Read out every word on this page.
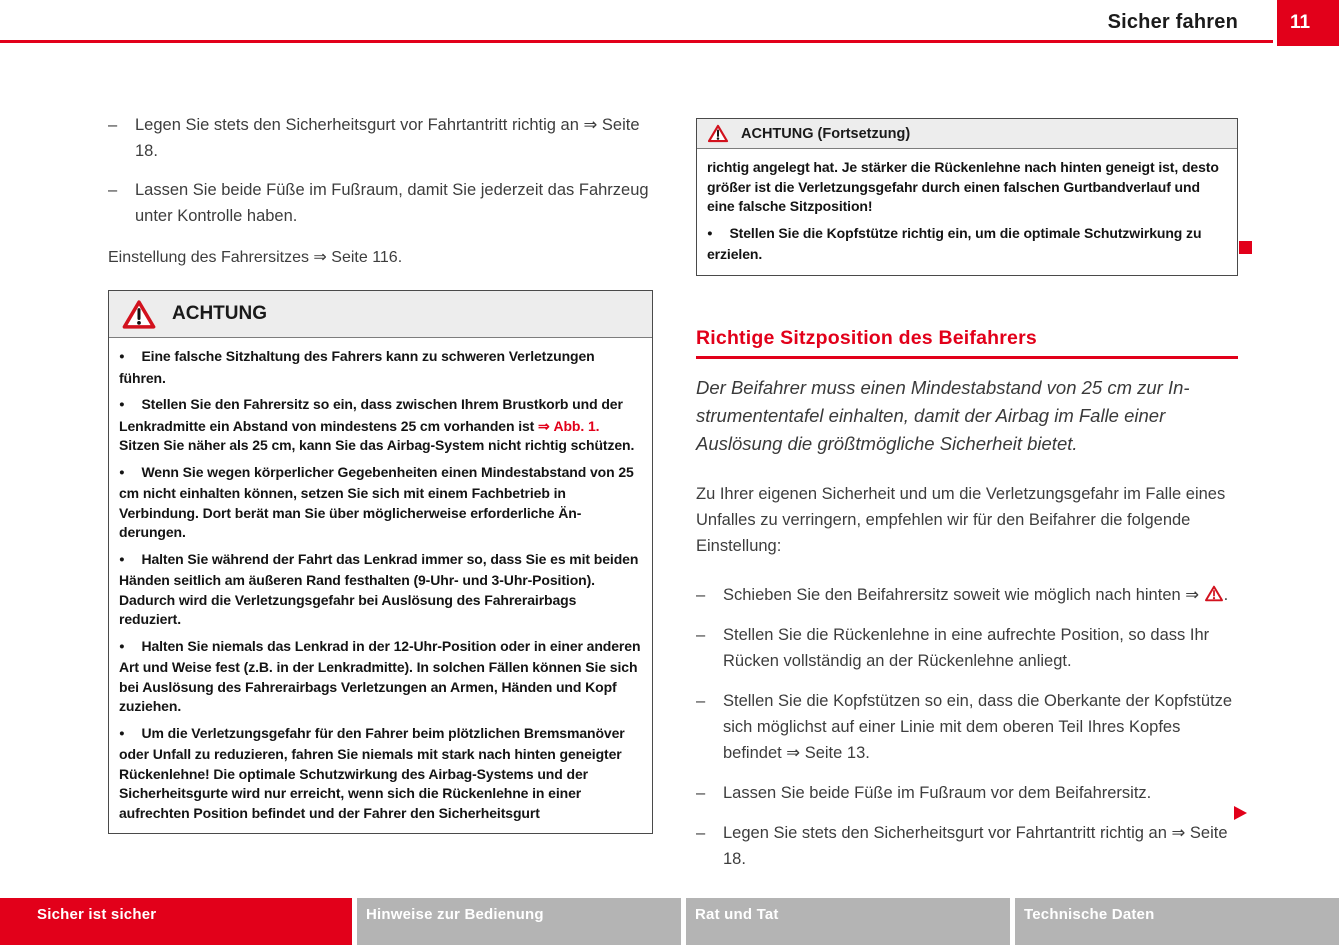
Sicher fahren	11
– Legen Sie stets den Sicherheitsgurt vor Fahrtantritt richtig an ⇒ Seite 18.
– Lassen Sie beide Füße im Fußraum, damit Sie jederzeit das Fahrzeug unter Kontrolle haben.

Einstellung des Fahrersitzes ⇒ Seite 116.

ACHTUNG

● Eine falsche Sitzhaltung des Fahrers kann zu schweren Verletzungen führen.

● Stellen Sie den Fahrersitz so ein, dass zwischen Ihrem Brustkorb und der Lenkradmitte ein Abstand von mindestens 25 cm vorhanden ist ⇒ Abb. 1. Sitzen Sie näher als 25 cm, kann Sie das Airbag-System nicht richtig schützen.

● Wenn Sie wegen körperlicher Gegebenheiten einen Mindestabstand von 25 cm nicht einhalten können, setzen Sie sich mit einem Fachbetrieb in Verbindung. Dort berät man Sie über möglicherweise erforderliche Änderungen.

● Halten Sie während der Fahrt das Lenkrad immer so, dass Sie es mit beiden Händen seitlich am äußeren Rand festhalten (9-Uhr- und 3-Uhr-Position). Dadurch wird die Verletzungsgefahr bei Auslösung des Fahrerairbags reduziert.

● Halten Sie niemals das Lenkrad in der 12-Uhr-Position oder in einer anderen Art und Weise fest (z.B. in der Lenkradmitte). In solchen Fällen können Sie sich bei Auslösung des Fahrerairbags Verletzungen an Armen, Händen und Kopf zuziehen.

● Um die Verletzungsgefahr für den Fahrer beim plötzlichen Bremsmanöver oder Unfall zu reduzieren, fahren Sie niemals mit stark nach hinten geneigter Rückenlehne! Die optimale Schutzwirkung des Airbag-Systems und der Sicherheitsgurte wird nur erreicht, wenn sich die Rückenlehne in einer aufrechten Position befindet und der Fahrer den Sicherheitsgurt

ACHTUNG (Fortsetzung)

richtig angelegt hat. Je stärker die Rückenlehne nach hinten geneigt ist, desto größer ist die Verletzungsgefahr durch einen falschen Gurtbandverlauf und eine falsche Sitzposition!

● Stellen Sie die Kopfstütze richtig ein, um die optimale Schutzwirkung zu erzielen.

Richtige Sitzposition des Beifahrers

Der Beifahrer muss einen Mindestabstand von 25 cm zur Instrumententafel einhalten, damit der Airbag im Falle einer Auslösung die größtmögliche Sicherheit bietet.

Zu Ihrer eigenen Sicherheit und um die Verletzungsgefahr im Falle eines Unfalles zu verringern, empfehlen wir für den Beifahrer die folgende Einstellung:

– Schieben Sie den Beifahrersitz soweit wie möglich nach hinten ⇒ .
– Stellen Sie die Rückenlehne in eine aufrechte Position, so dass Ihr Rücken vollständig an der Rückenlehne anliegt.
– Stellen Sie die Kopfstützen so ein, dass die Oberkante der Kopfstütze sich möglichst auf einer Linie mit dem oberen Teil Ihres Kopfes befindet ⇒ Seite 13.
– Lassen Sie beide Füße im Fußraum vor dem Beifahrersitz.
– Legen Sie stets den Sicherheitsgurt vor Fahrtantritt richtig an ⇒ Seite 18.
Sicher ist sicher	Hinweise zur Bedienung	Rat und Tat	Technische Daten
